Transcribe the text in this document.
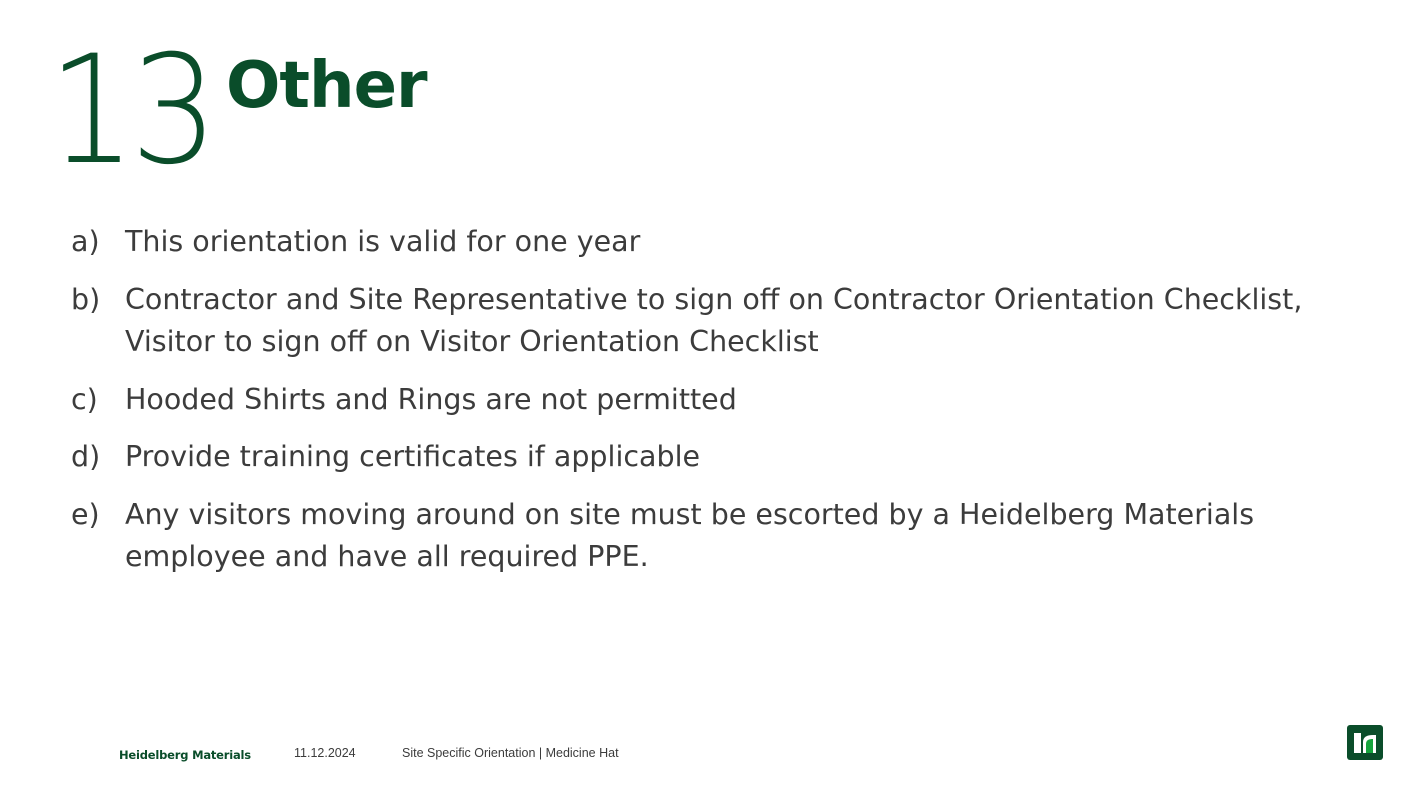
13 Other
a) This orientation is valid for one year
b) Contractor and Site Representative to sign off on Contractor Orientation Checklist, Visitor to sign off on Visitor Orientation Checklist
c) Hooded Shirts and Rings are not permitted
d) Provide training certificates if applicable
e) Any visitors moving around on site must be escorted by a Heidelberg Materials employee and have all required PPE.
Heidelberg Materials	11.12.2024	Site Specific Orientation | Medicine Hat
